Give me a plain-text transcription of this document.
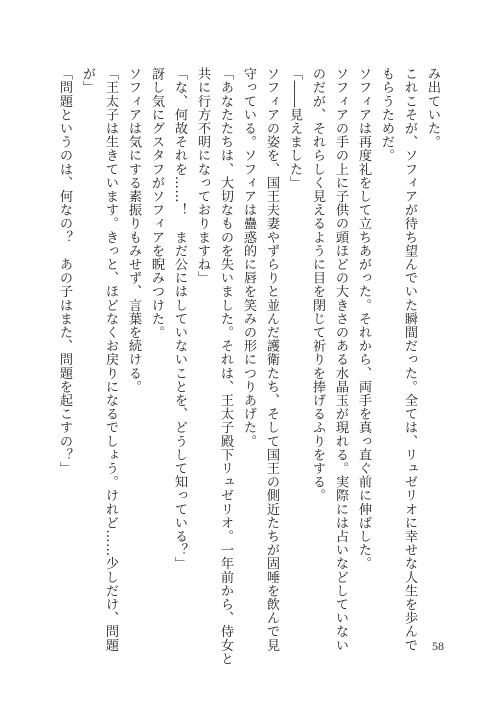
み出ていた。
これこそが、ソフィアが待ち望んでいた瞬間だった。全ては、リュゼリオに幸せな人生を歩んで
もらうためだ。
ソフィアは再度礼をして立ちあがった。それから、両手を真っ直ぐ前に伸ばした。
ソフィアの手の上に子供の頭ほどの大きさのある水晶玉が現れる。実際には占いなどしていない
のだが、それらしく見えるように目を閉じて祈りを捧げるふりをする。
「――見えました」
ソフィアの姿を、国王夫妻やずらりと並んだ護衛たち、そして国王の側近たちが固唾を飲んで見
守っている。ソフィアは蠱惑的に唇を笑みの形につりあげた。
「あなたたちは、大切なものを失いました。それは、王太子殿下リュゼリオ。一年前から、侍女と
共に行方不明になっておりますね」
「な、何故それを……！　まだ公にはしていないことを、どうして知っている？」
訝し気にグスタフがソフィアを睨みつけた。
ソフィアは気にする素振りもみせず、言葉を続ける。
「王太子は生きています。きっと、ほどなくお戻りになるでしょう。けれど……少しだけ、問題
が」
「問題というのは、何なの？　あの子はまた、問題を起こすの？」
58
